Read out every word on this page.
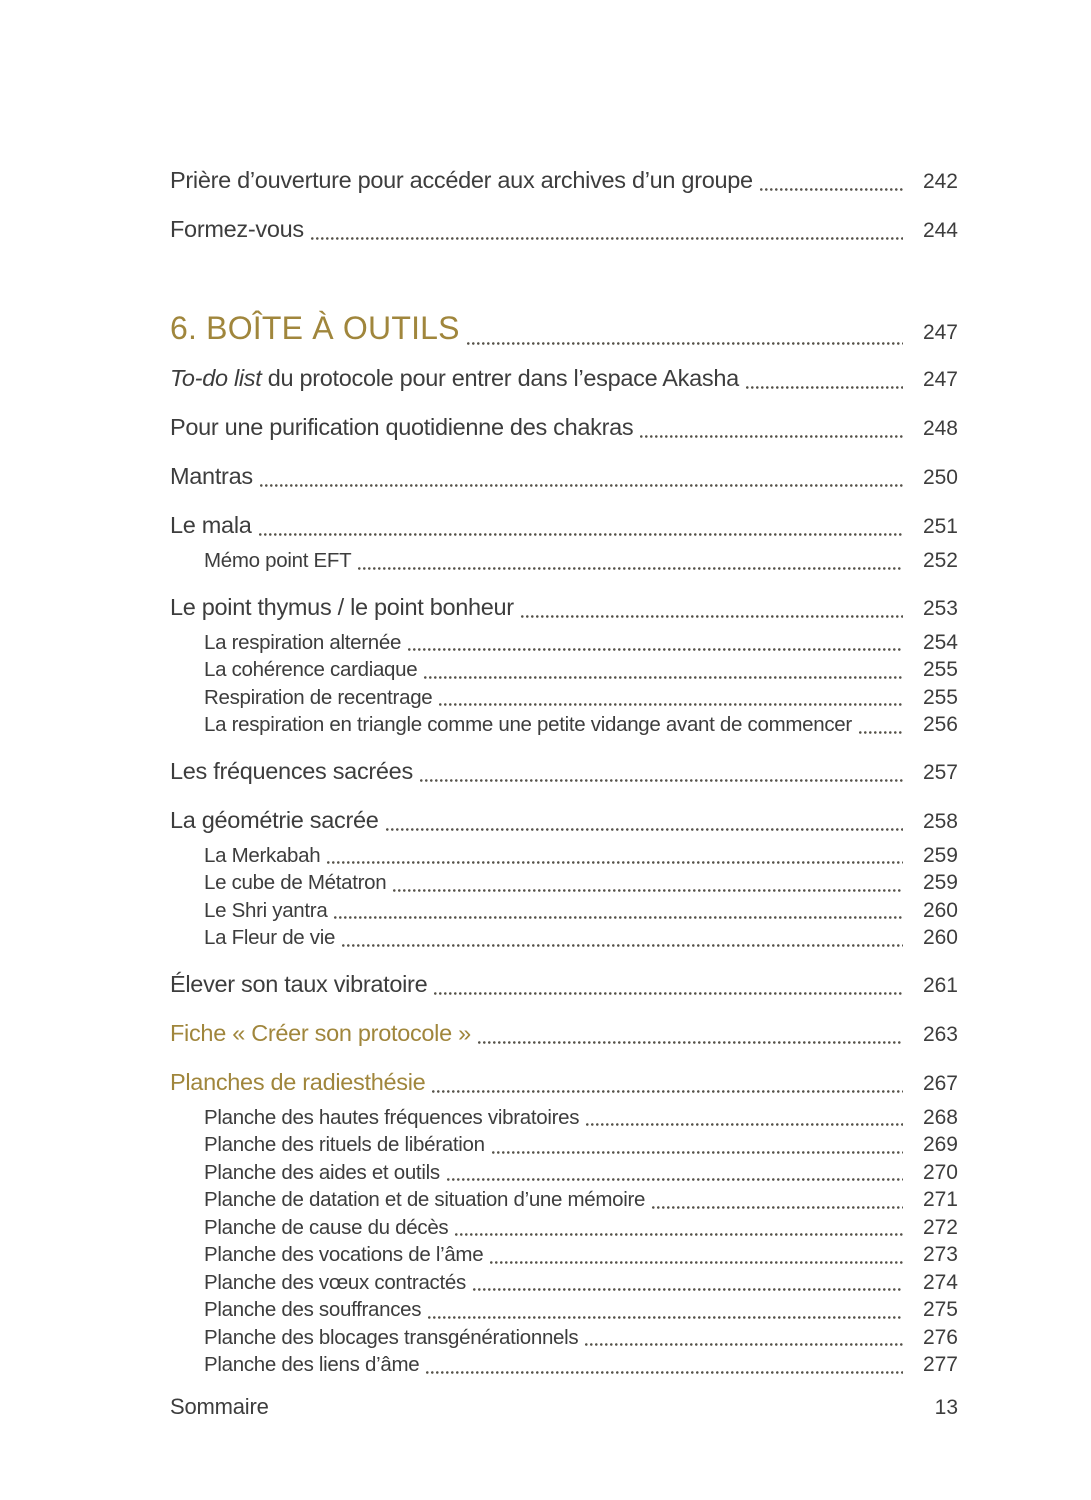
Prière d’ouverture pour accéder aux archives d’un groupe	242
Formez-vous	244
6. BOÎTE À OUTILS	247
To-do list du protocole pour entrer dans l’espace Akasha	247
Pour une purification quotidienne des chakras	248
Mantras	250
Le mala	251
Mémo point EFT	252
Le point thymus / le point bonheur	253
La respiration alternée	254
La cohérence cardiaque	255
Respiration de recentrage	255
La respiration en triangle comme une petite vidange avant de commencer	256
Les fréquences sacrées	257
La géométrie sacrée	258
La Merkabah	259
Le cube de Métatron	259
Le Shri yantra	260
La Fleur de vie	260
Élever son taux vibratoire	261
Fiche « Créer son protocole »	263
Planches de radiesthésie	267
Planche des hautes fréquences vibratoires	268
Planche des rituels de libération	269
Planche des aides et outils	270
Planche de datation et de situation d’une mémoire	271
Planche de cause du décès	272
Planche des vocations de l’âme	273
Planche des vœux contractés	274
Planche des souffrances	275
Planche des blocages transgénérationnels	276
Planche des liens d’âme	277
Sommaire	13
